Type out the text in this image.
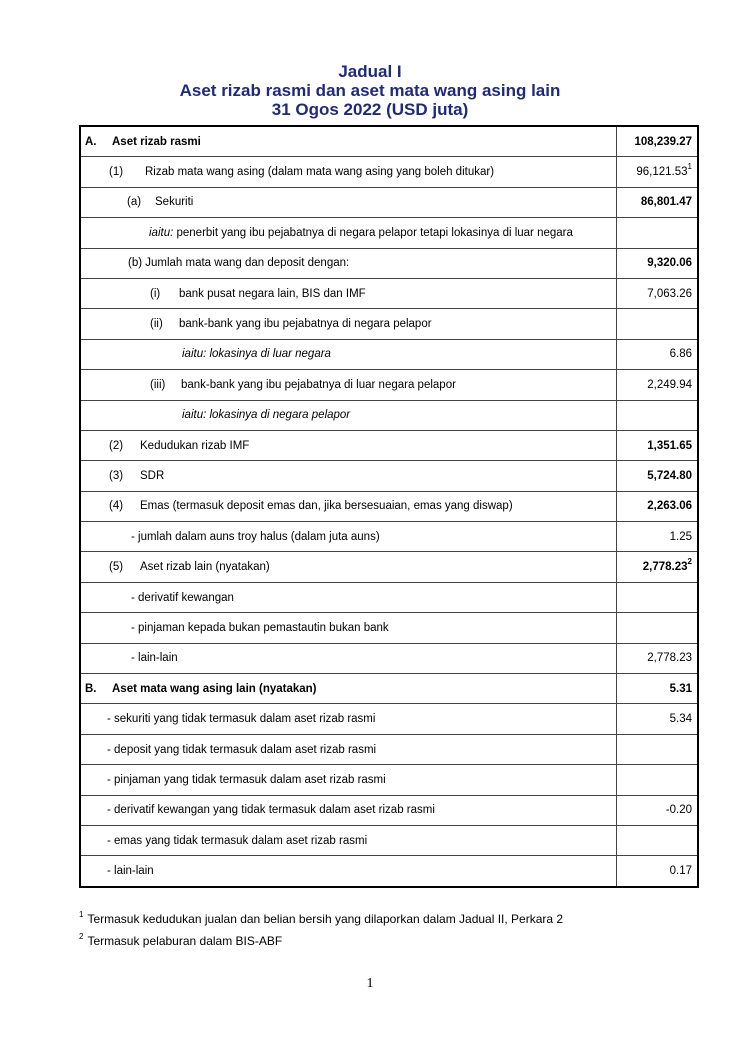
Jadual I
Aset rizab rasmi dan aset mata wang asing lain
31 Ogos 2022 (USD juta)
A. Aset rizab rasmi	108,239.27

(1) Rizab mata wang asing (dalam mata wang asing yang boleh ditukar)	96,121.53$^1$

(a) Sekuriti	86,801.47

iaitu:
penerbit yang ibu pejabatnya di negara pelapor tetapi lokasinya di luar negara	

(b) Jumlah mata wang dan deposit dengan:	9,320.06

(i) bank pusat negara lain, BIS dan IMF	7,063.26

(ii) bank-bank yang ibu pejabatnya di negara pelapor	

iaitu: lokasinya di luar negara	6.86

(iii) bank-bank yang ibu pejabatnya di luar negara pelapor	2,249.94

iaitu: lokasinya di negara pelapor	

(2) Kedudukan rizab IMF	1,351.65

(3) SDR	5,724.80

(4) Emas (termasuk deposit emas dan, jika bersesuaian, emas yang diswap)	2,263.06

- jumlah dalam auns troy halus (dalam juta auns)	1.25

(5) Aset rizab lain (nyatakan)	2,778.23$^2$

- derivatif kewangan	

- pinjaman kepada bukan pemastautin bukan bank	

- lain-lain	2,778.23

B. Aset mata wang asing lain (nyatakan)	5.31

- sekuriti yang tidak termasuk dalam aset rizab rasmi	5.34

- deposit yang tidak termasuk dalam aset rizab rasmi	

- pinjaman yang tidak termasuk dalam aset rizab rasmi	

- derivatif kewangan yang tidak termasuk dalam aset rizab rasmi	-0.20

- emas yang tidak termasuk dalam aset rizab rasmi	

- lain-lain	0.17
$^1$ Termasuk kedudukan jualan dan belian bersih yang dilaporkan dalam Jadual II, Perkara 2
$^2$ Termasuk pelaburan dalam BIS-ABF
1
